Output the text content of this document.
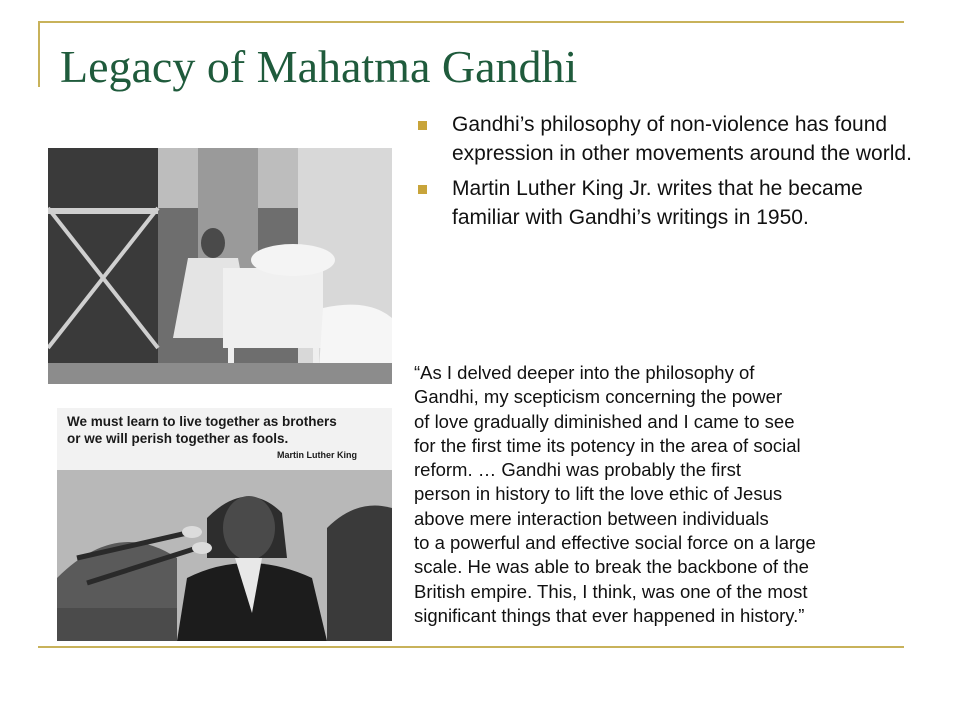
Legacy of Mahatma Gandhi
We must learn to live together as brothers
or we will perish together as fools.
Martin Luther King
Gandhi’s philosophy of non-violence has found expression in other movements around the world.
Martin Luther King Jr. writes that he became familiar with Gandhi’s writings in 1950.
“As I delved deeper into the philosophy of
Gandhi, my scepticism concerning the power
of love gradually diminished and I came to see
for the first time its potency in the area of social
reform. … Gandhi was probably the first
person in history to lift the love ethic of Jesus
above mere interaction between individuals
to a powerful and effective social force on a large
scale. He was able to break the backbone of the
British empire. This, I think, was one of the most
significant things that ever happened in history.”
